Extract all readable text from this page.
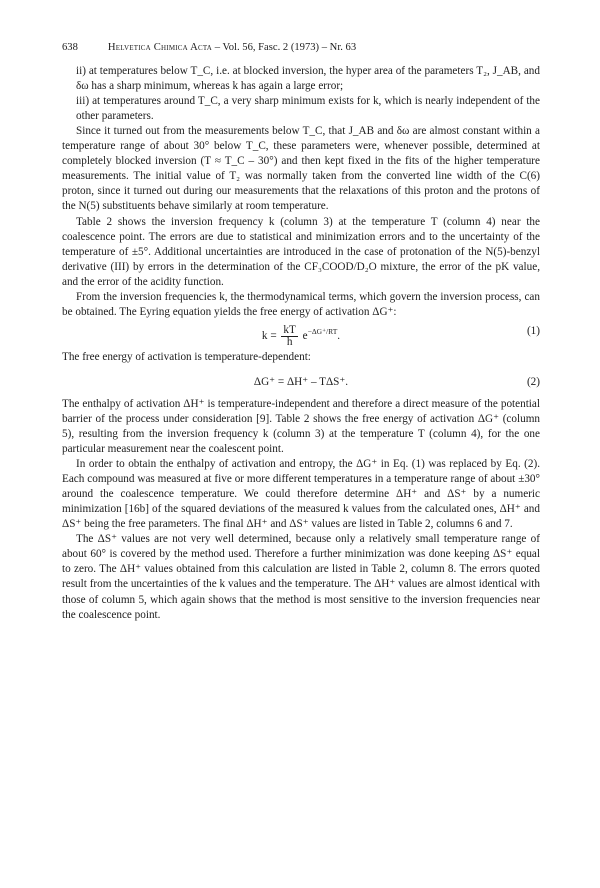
638	Helvetica Chimica Acta – Vol. 56, Fasc. 2 (1973) – Nr. 63

ii) at temperatures below T_C, i.e. at blocked inversion, the hyper area of the parameters T₂, J_AB, and δω has a sharp minimum, whereas k has again a large error;

iii) at temperatures around T_C, a very sharp minimum exists for k, which is nearly independent of the other parameters.

Since it turned out from the measurements below T_C, that J_AB and δω are almost constant within a temperature range of about 30° below T_C, these parameters were, whenever possible, determined at completely blocked inversion (T ≈ T_C – 30°) and then kept fixed in the fits of the higher temperature measurements. The initial value of T₂ was normally taken from the converted line width of the C(6) proton, since it turned out during our measurements that the relaxations of this proton and the protons of the N(5) substituents behave similarly at room temperature.

Table 2 shows the inversion frequency k (column 3) at the temperature T (column 4) near the coalescence point. The errors are due to statistical and minimization errors and to the uncertainty of the temperature of ±5°. Additional uncertainties are introduced in the case of protonation of the N(5)-benzyl derivative (III) by errors in the determination of the CF₃COOD/D₂O mixture, the error of the pK value, and the error of the acidity function.

From the inversion frequencies k, the thermodynamical terms, which govern the inversion process, can be obtained. The Eyring equation yields the free energy of activation ΔG⁺:

$k = \frac{kT}{h} e^{-\Delta G^+/RT}$.	(1)

The free energy of activation is temperature-dependent:

ΔG⁺ = ΔH⁺ – TΔS⁺.	(2)

The enthalpy of activation ΔH⁺ is temperature-independent and therefore a direct measure of the potential barrier of the process under consideration [9]. Table 2 shows the free energy of activation ΔG⁺ (column 5), resulting from the inversion frequency k (column 3) at the temperature T (column 4), for the one particular measurement near the coalescent point.

In order to obtain the enthalpy of activation and entropy, the ΔG⁺ in Eq. (1) was replaced by Eq. (2). Each compound was measured at five or more different temperatures in a temperature range of about ±30° around the coalescence temperature. We could therefore determine ΔH⁺ and ΔS⁺ by a numeric minimization [16b] of the squared deviations of the measured k values from the calculated ones, ΔH⁺ and ΔS⁺ being the free parameters. The final ΔH⁺ and ΔS⁺ values are listed in Table 2, columns 6 and 7.

The ΔS⁺ values are not very well determined, because only a relatively small temperature range of about 60° is covered by the method used. Therefore a further minimization was done keeping ΔS⁺ equal to zero. The ΔH⁺ values obtained from this calculation are listed in Table 2, column 8. The errors quoted result from the uncertainties of the k values and the temperature. The ΔH⁺ values are almost identical with those of column 5, which again shows that the method is most sensitive to the inversion frequencies near the coalescence point.
